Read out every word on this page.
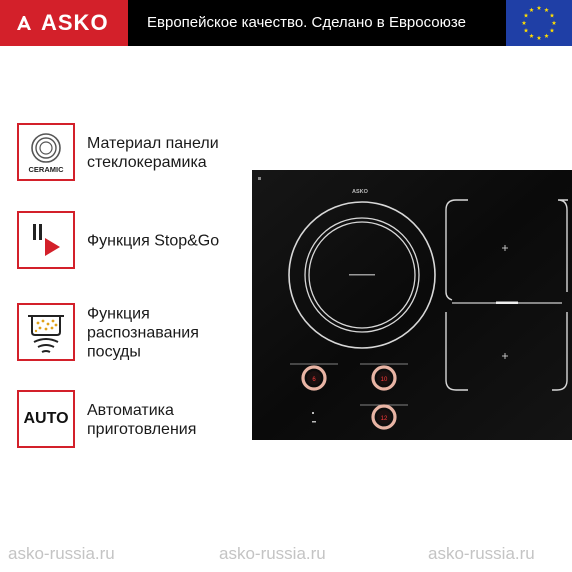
ASKO	Европейское качество. Сделано в Евросоюзе
CERAMIC
Материал панели
стеклокерамика
Функция Stop&Go
Функция
распознавания
посуды
AUTO Автоматика
приготовления
ASKO
6	10
12
asko-russia.ru	asko-russia.ru	asko-russia.ru
